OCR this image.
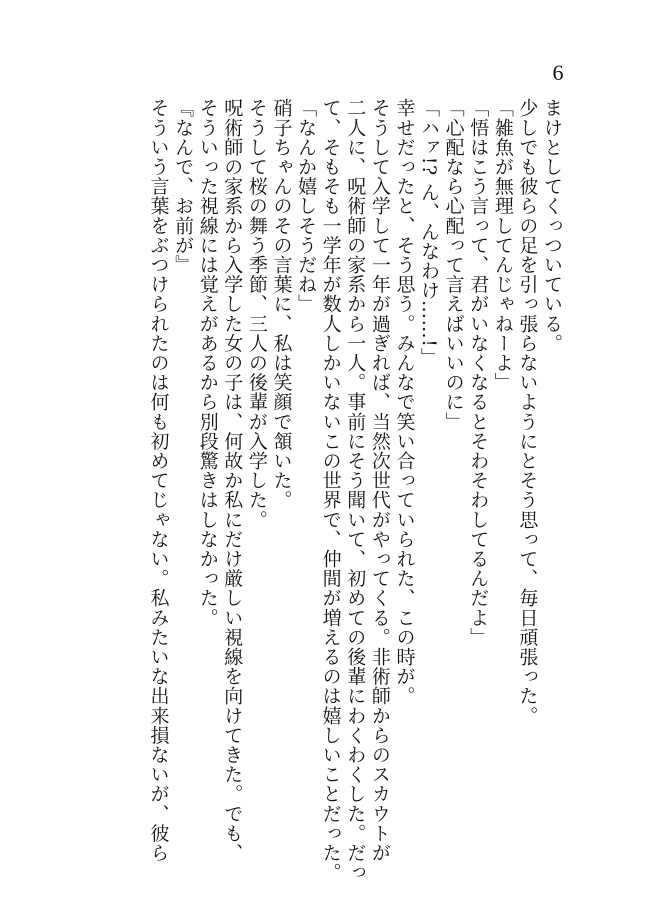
6
まけとしてくっついている。
少しでも彼らの足を引っ張らないようにとそう思って、毎日頑張った。
「雑魚が無理してんじゃねーよ」
「悟はこう言って、君がいなくなるとそわそわしてるんだよ」
「心配なら心配って言えばいいのに」
「ハァ!? ん、んなわけ……!」
幸せだったと、そう思う。みんなで笑い合っていられた、この時が。
そうして入学して一年が過ぎれば、当然次世代がやってくる。非術師からのスカウトが
二人に、呪術師の家系から一人。事前にそう聞いて、初めての後輩にわくわくした。だっ
て、そもそも一学年が数人しかいないこの世界で、仲間が増えるのは嬉しいことだった。
「なんか嬉しそうだね」
硝子ちゃんのその言葉に、私は笑顔で頷いた。
そうして桜の舞う季節、三人の後輩が入学した。
呪術師の家系から入学した女の子は、何故か私にだけ厳しい視線を向けてきた。でも、
そういった視線には覚えがあるから別段驚きはしなかった。
『なんで、お前が』
そういう言葉をぶつけられたのは何も初めてじゃない。私みたいな出来損ないが、彼ら
